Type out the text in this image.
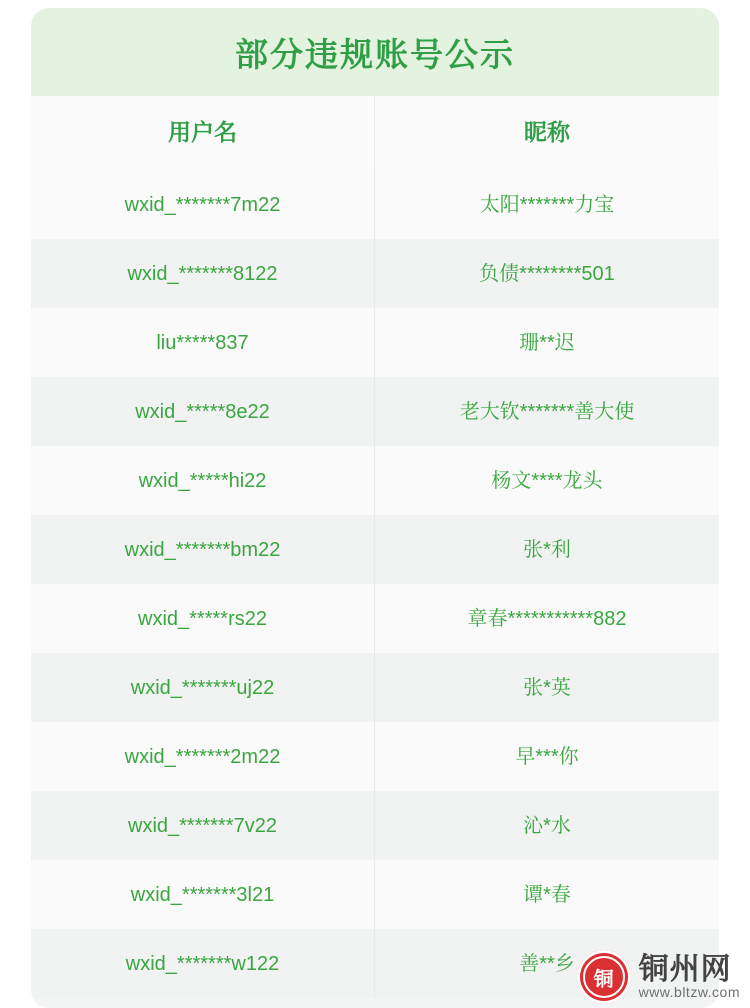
部分违规账号公示
用户名	昵称
wxid_*******7m22	太阳*******力宝
wxid_*******8122	负债********501
liu*****837	珊**迟
wxid_*****8e22	老大钦*******善大使
wxid_*****hi22	杨文****龙头
wxid_*******bm22	张*利
wxid_*****rs22	章春***********882
wxid_*******uj22	张*英
wxid_*******2m22	早***你
wxid_*******7v22	沁*水
wxid_*******3l21	谭*春
wxid_*******w122	善**乡
铜 铜州网
www.bltzw.com
